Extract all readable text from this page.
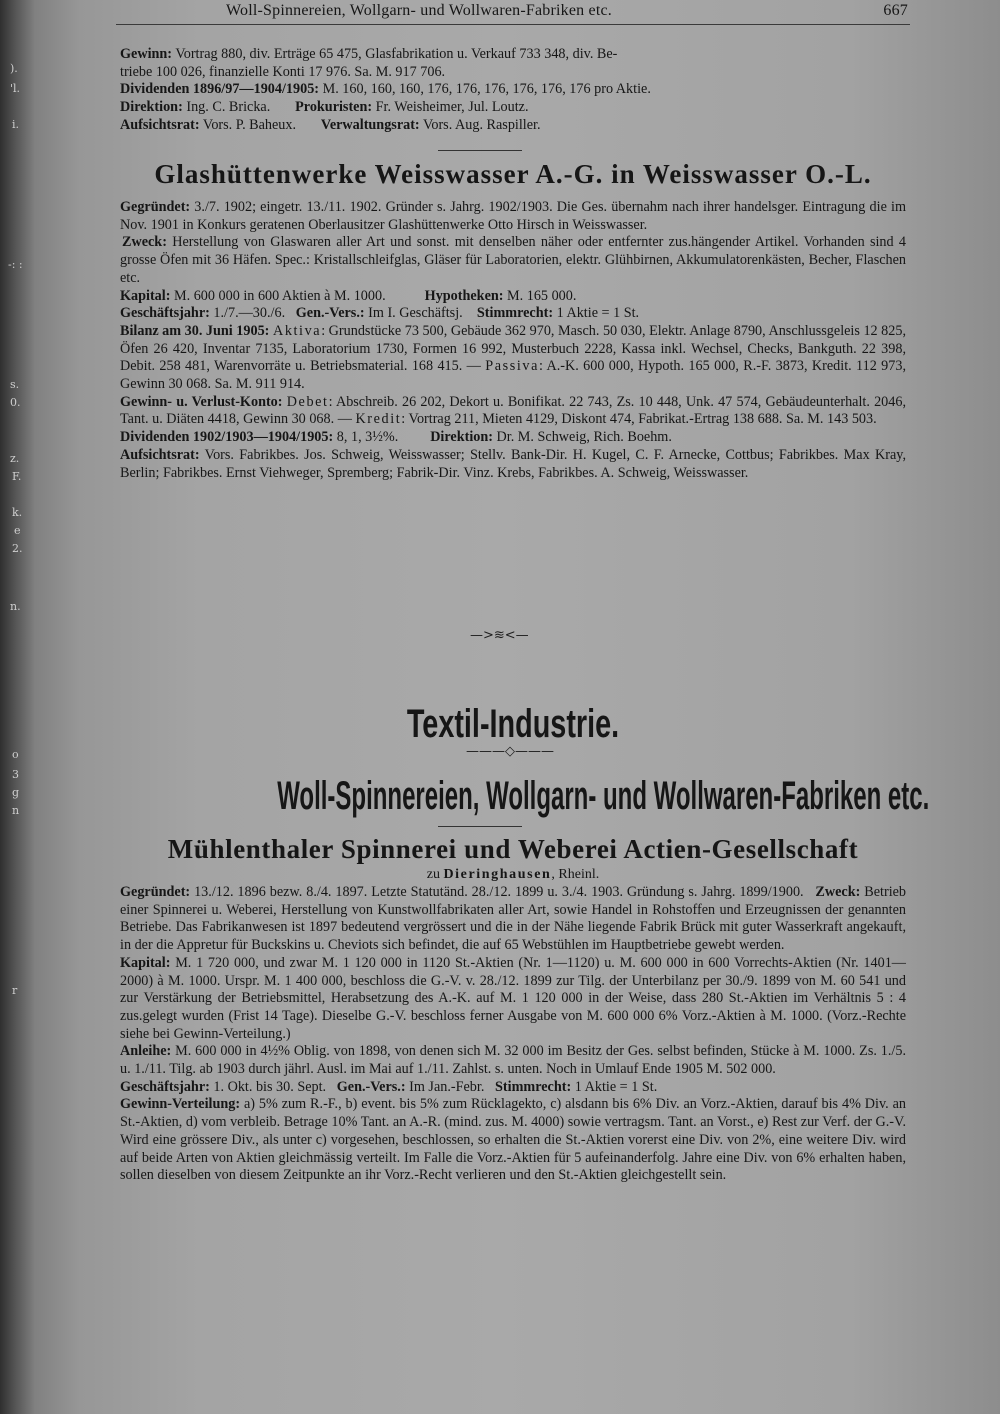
).
'l.
i.
-: :
s.
0.
z.
F.
k.
e
2.
n.
o
3
g
n
r
Woll-Spinnereien, Wollgarn- und Wollwaren-Fabriken etc.	667

Gewinn: Vortrag 880, div. Erträge 65 475, Glasfabrikation u. Verkauf 733 348, div. Be-

triebe 100 026, finanzielle Konti 17 976. Sa. M. 917 706.

Dividenden 1896/97—1904/1905: M. 160, 160, 160, 176, 176, 176, 176, 176, 176 pro Aktie.

Direktion: Ing. C. Bricka. Prokuristen: Fr. Weisheimer, Jul. Loutz.

Aufsichtsrat: Vors. P. Baheux. Verwaltungsrat: Vors. Aug. Raspiller.

Glashüttenwerke Weisswasser A.-G. in Weisswasser O.-L.

Gegründet: 3./7. 1902; eingetr. 13./11. 1902. Gründer s. Jahrg. 1902/1903. Die Ges. übernahm nach ihrer handelsger. Eintragung die im Nov. 1901 in Konkurs geratenen Oberlausitzer Glashüttenwerke Otto Hirsch in Weisswasser.

Zweck: Herstellung von Glaswaren aller Art und sonst. mit denselben näher oder entfernter zus.hängender Artikel. Vorhanden sind 4 grosse Öfen mit 36 Häfen. Spec.: Kristallschleifglas, Gläser für Laboratorien, elektr. Glühbirnen, Akkumulatorenkästen, Becher, Flaschen etc.

Kapital: M. 600 000 in 600 Aktien à M. 1000.	Hypotheken: M. 165 000.

Geschäftsjahr: 1./7.—30./6. Gen.-Vers.: Im I. Geschäftsj. Stimmrecht: 1 Aktie = 1 St.

Bilanz am 30. Juni 1905: Aktiva: Grundstücke 73 500, Gebäude 362 970, Masch. 50 030, Elektr. Anlage 8790, Anschlussgeleis 12 825, Öfen 26 420, Inventar 7135, Laboratorium 1730, Formen 16 992, Musterbuch 2228, Kassa inkl. Wechsel, Checks, Bankguth. 22 398, Debit. 258 481, Warenvorräte u. Betriebsmaterial. 168 415. — Passiva: A.-K. 600 000, Hypoth. 165 000, R.-F. 3873, Kredit. 112 973, Gewinn 30 068. Sa. M. 911 914.

Gewinn- u. Verlust-Konto: Debet: Abschreib. 26 202, Dekort u. Bonifikat. 22 743, Zs. 10 448, Unk. 47 574, Gebäudeunterhalt. 2046, Tant. u. Diäten 4418, Gewinn 30 068. — Kredit: Vortrag 211, Mieten 4129, Diskont 474, Fabrikat.-Ertrag 138 688. Sa. M. 143 503.

Dividenden 1902/1903—1904/1905: 8, 1, 3½%. Direktion: Dr. M. Schweig, Rich. Boehm.

Aufsichtsrat: Vors. Fabrikbes. Jos. Schweig, Weisswasser; Stellv. Bank-Dir. H. Kugel, C. F. Arnecke, Cottbus; Fabrikbes. Max Kray, Berlin; Fabrikbes. Ernst Viehweger, Spremberg; Fabrik-Dir. Vinz. Krebs, Fabrikbes. A. Schweig, Weisswasser.

—>≋<—
Textil-Industrie.
———◇———
Woll-Spinnereien, Wollgarn- und Wollwaren-Fabriken etc.
Mühlenthaler Spinnerei und Weberei Actien-Gesellschaft
zu Dieringhausen, Rheinl.

Gegründet: 13./12. 1896 bezw. 8./4. 1897. Letzte Statutänd. 28./12. 1899 u. 3./4. 1903. Gründung s. Jahrg. 1899/1900. Zweck: Betrieb einer Spinnerei u. Weberei, Herstellung von Kunstwollfabrikaten aller Art, sowie Handel in Rohstoffen und Erzeugnissen der genannten Betriebe. Das Fabrikanwesen ist 1897 bedeutend vergrössert und die in der Nähe liegende Fabrik Brück mit guter Wasserkraft angekauft, in der die Appretur für Buckskins u. Cheviots sich befindet, die auf 65 Webstühlen im Hauptbetriebe gewebt werden.

Kapital: M. 1 720 000, und zwar M. 1 120 000 in 1120 St.-Aktien (Nr. 1—1120) u. M. 600 000 in 600 Vorrechts-Aktien (Nr. 1401—2000) à M. 1000. Urspr. M. 1 400 000, beschloss die G.-V. v. 28./12. 1899 zur Tilg. der Unterbilanz per 30./9. 1899 von M. 60 541 und zur Verstärkung der Betriebsmittel, Herabsetzung des A.-K. auf M. 1 120 000 in der Weise, dass 280 St.-Aktien im Verhältnis 5 : 4 zus.gelegt wurden (Frist 14 Tage). Dieselbe G.-V. beschloss ferner Ausgabe von M. 600 000 6% Vorz.-Aktien à M. 1000. (Vorz.-Rechte siehe bei Gewinn-Verteilung.)

Anleihe: M. 600 000 in 4½% Oblig. von 1898, von denen sich M. 32 000 im Besitz der Ges. selbst befinden, Stücke à M. 1000. Zs. 1./5. u. 1./11. Tilg. ab 1903 durch jährl. Ausl. im Mai auf 1./11. Zahlst. s. unten. Noch in Umlauf Ende 1905 M. 502 000.

Geschäftsjahr: 1. Okt. bis 30. Sept. Gen.-Vers.: Im Jan.-Febr. Stimmrecht: 1 Aktie = 1 St.

Gewinn-Verteilung: a) 5% zum R.-F., b) event. bis 5% zum Rücklagekto, c) alsdann bis 6% Div. an Vorz.-Aktien, darauf bis 4% Div. an St.-Aktien, d) vom verbleib. Betrage 10% Tant. an A.-R. (mind. zus. M. 4000) sowie vertragsm. Tant. an Vorst., e) Rest zur Verf. der G.-V. Wird eine grössere Div., als unter c) vorgesehen, beschlossen, so erhalten die St.-Aktien vorerst eine Div. von 2%, eine weitere Div. wird auf beide Arten von Aktien gleichmässig verteilt. Im Falle die Vorz.-Aktien für 5 aufeinanderfolg. Jahre eine Div. von 6% erhalten haben, sollen dieselben von diesem Zeitpunkte an ihr Vorz.-Recht verlieren und den St.-Aktien gleichgestellt sein.
